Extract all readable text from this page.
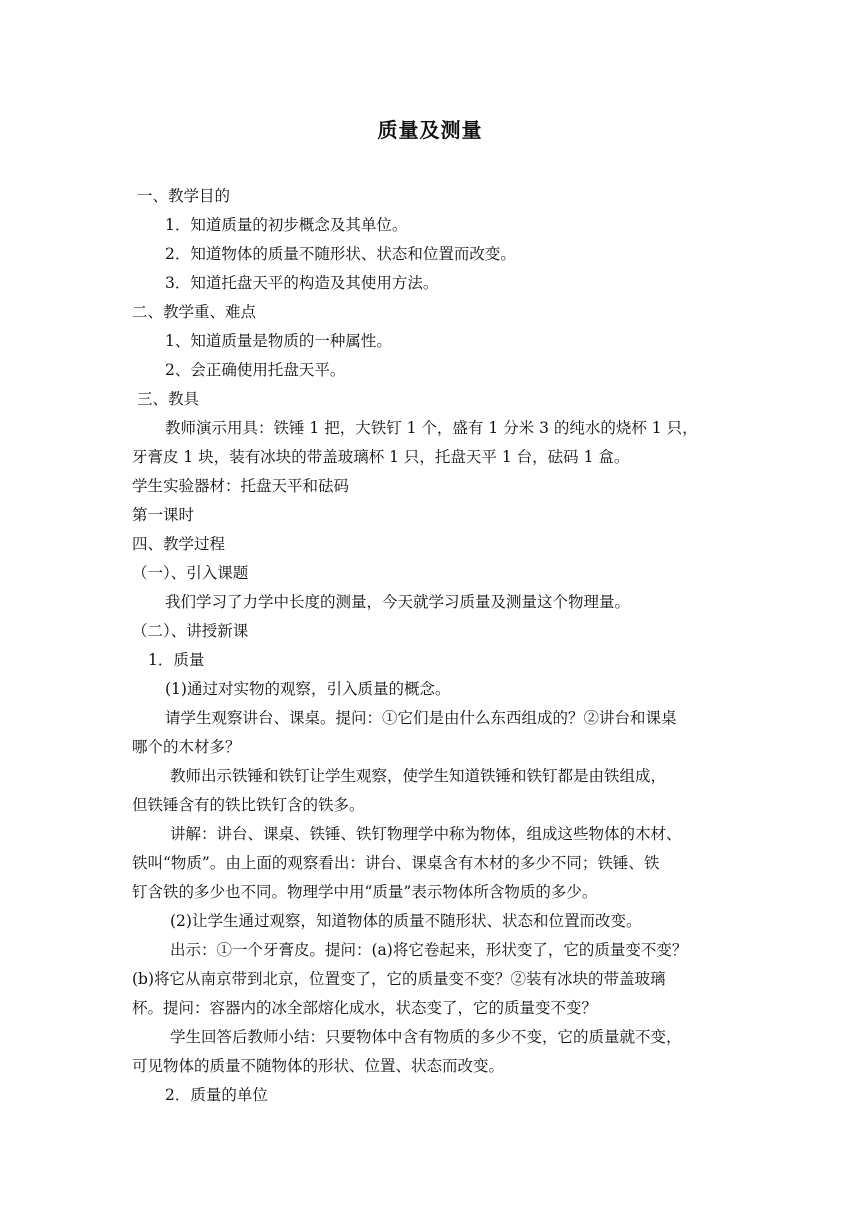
质量及测量
一、教学目的
1．知道质量的初步概念及其单位。
2．知道物体的质量不随形状、状态和位置而改变。
3．知道托盘天平的构造及其使用方法。
二、教学重、难点
1、知道质量是物质的一种属性。
2、会正确使用托盘天平。
三、教具
教师演示用具：铁锤 1 把，大铁钉 1 个，盛有 1 分米 3 的纯水的烧杯 1 只，
牙膏皮 1 块，装有冰块的带盖玻璃杯 1 只，托盘天平 1 台，砝码 1 盒。
学生实验器材：托盘天平和砝码
第一课时
四、教学过程
（一）、引入课题
我们学习了力学中长度的测量，今天就学习质量及测量这个物理量。
（二）、讲授新课
1．质量
(1)通过对实物的观察，引入质量的概念。
请学生观察讲台、课桌。提问：①它们是由什么东西组成的？②讲台和课桌
哪个的木材多？
教师出示铁锤和铁钉让学生观察，使学生知道铁锤和铁钉都是由铁组成，
但铁锤含有的铁比铁钉含的铁多。
讲解：讲台、课桌、铁锤、铁钉物理学中称为物体，组成这些物体的木材、
铁叫“物质”。由上面的观察看出：讲台、课桌含有木材的多少不同；铁锤、铁
钉含铁的多少也不同。物理学中用“质量”表示物体所含物质的多少。
(2)让学生通过观察，知道物体的质量不随形状、状态和位置而改变。
出示：①一个牙膏皮。提问：(a)将它卷起来，形状变了，它的质量变不变？
(b)将它从南京带到北京，位置变了，它的质量变不变？②装有冰块的带盖玻璃
杯。提问：容器内的冰全部熔化成水，状态变了，它的质量变不变？
学生回答后教师小结：只要物体中含有物质的多少不变，它的质量就不变，
可见物体的质量不随物体的形状、位置、状态而改变。
2．质量的单位
